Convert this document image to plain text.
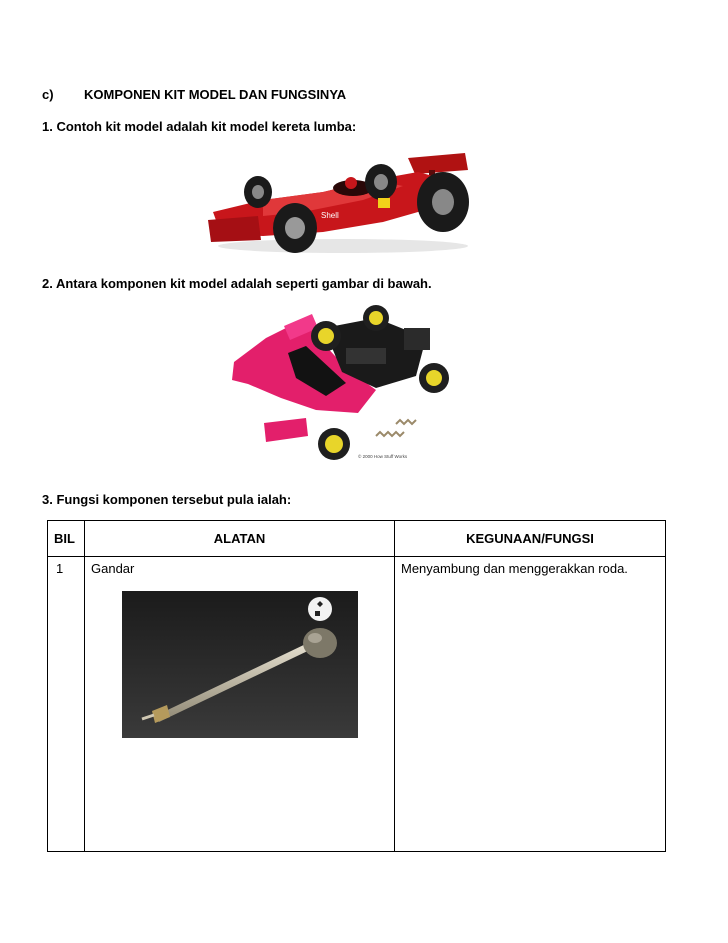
c) KOMPONEN KIT MODEL DAN FUNGSINYA
1. Contoh kit model adalah kit model kereta lumba:
Shell
2. Antara komponen kit model adalah seperti gambar di bawah.
© 2000 How Stuff Works
3. Fungsi komponen tersebut pula ialah:
BIL	ALATAN	KEGUNAAN/FUNGSI
1	Gandar	Menyambung dan menggerakkan roda.
